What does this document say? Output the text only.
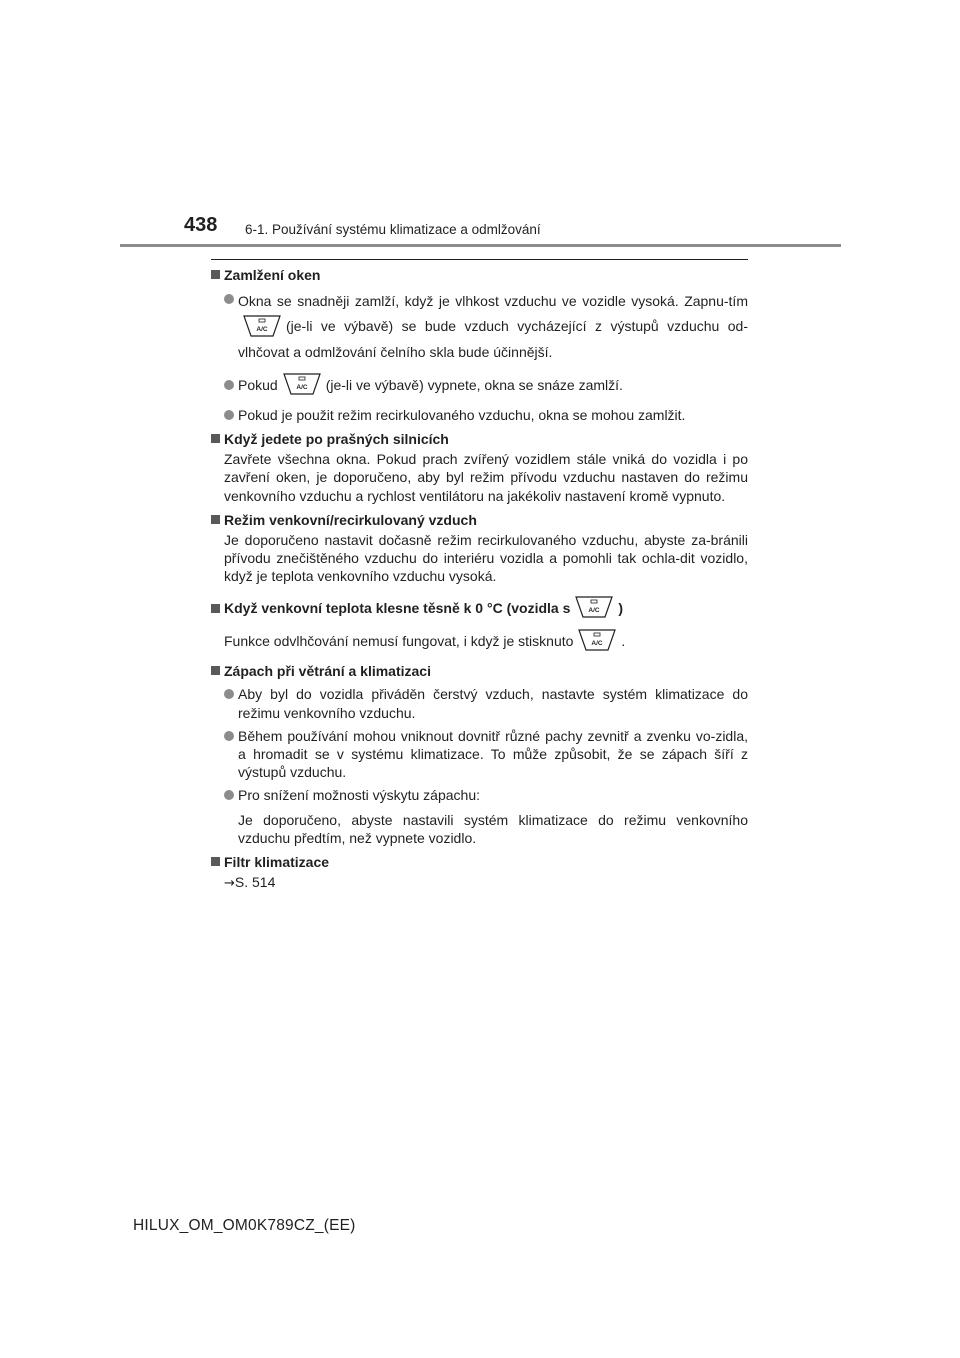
438 6-1. Používání systému klimatizace a odmlžování
Zamlžení oken
Okna se snadněji zamlží, když je vlhkost vzduchu ve vozidle vysoká. Zapnu-tím
A/C (je-li ve výbavě) se bude vzduch vycházející z výstupů vzduchu od-vlhčovat a odmlžování čelního skla bude účinnější.
Pokud	A/C (je-li ve výbavě) vypnete, okna se snáze zamlží.
Pokud je použit režim recirkulovaného vzduchu, okna se mohou zamlžit.
Když jedete po prašných silnicích
Zavřete všechna okna. Pokud prach zvířený vozidlem stále vniká do vozidla i po zavření oken, je doporučeno, aby byl režim přívodu vzduchu nastaven do režimu venkovního vzduchu a rychlost ventilátoru na jakékoliv nastavení kromě vypnuto.
Režim venkovní/recirkulovaný vzduch
Je doporučeno nastavit dočasně režim recirkulovaného vzduchu, abyste za-bránili přívodu znečištěného vzduchu do interiéru vozidla a pomohli tak ochla-dit vozidlo, když je teplota venkovního vzduchu vysoká.
Když venkovní teplota klesne těsně k 0 °C (vozidla s	A/C )
Funkce odvlhčování nemusí fungovat, i když je stisknuto	A/C .
Zápach při větrání a klimatizaci
Aby byl do vozidla přiváděn čerstvý vzduch, nastavte systém klimatizace do režimu venkovního vzduchu.
Během používání mohou vniknout dovnitř různé pachy zevnitř a zvenku vo-zidla, a hromadit se v systému klimatizace. To může způsobit, že se zápach šíří z výstupů vzduchu.
Pro snížení možnosti výskytu zápachu:
Je doporučeno, abyste nastavili systém klimatizace do režimu venkovního vzduchu předtím, než vypnete vozidlo.
Filtr klimatizace
→S. 514
HILUX_OM_OM0K789CZ_(EE)
